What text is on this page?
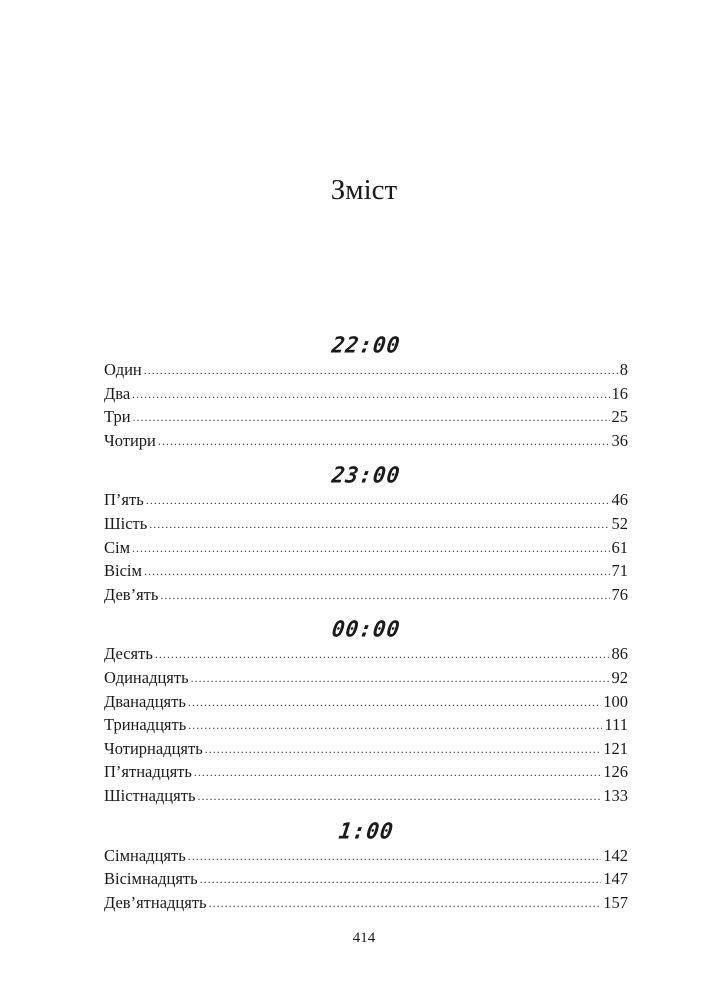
Зміст
22:00
Один .....	8
Два .....	16
Три .....	25
Чотири .....	36
23:00
П’ять .....	46
Шість .....	52
Сім .....	61
Вісім .....	71
Дев’ять .....	76
00:00
Десять .....	86
Одинадцять .....	92
Дванадцять .....	100
Тринадцять .....	111
Чотирнадцять .....	121
П’ятнадцять .....	126
Шістнадцять .....	133
1:00
Сімнадцять .....	142
Вісімнадцять .....	147
Дев’ятнадцять .....	157
414
